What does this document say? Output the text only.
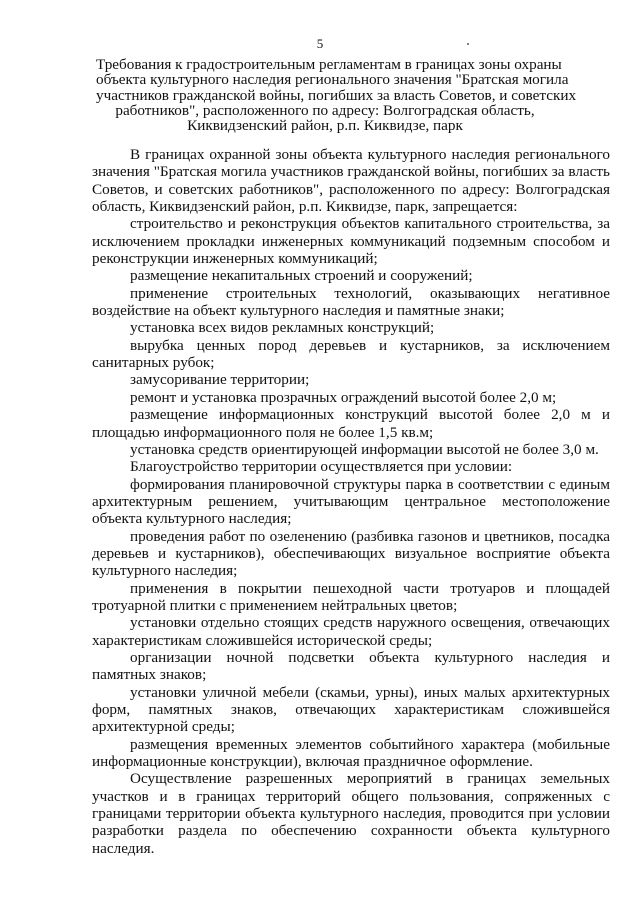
5
Требования к градостроительным регламентам в границах зоны охраны
объекта культурного наследия регионального значения "Братская могила
участников гражданской войны, погибших за власть Советов, и советских
работников", расположенного по адресу: Волгоградская область,
Киквидзенский район, р.п. Киквидзе, парк

В границах охранной зоны объекта культурного наследия регионального значения "Братская могила участников гражданской войны, погибших за власть Советов, и советских работников", расположенного по адресу: Волгоградская область, Киквидзенский район, р.п. Киквидзе, парк, запрещается:

строительство и реконструкция объектов капитального строительства, за исключением прокладки инженерных коммуникаций подземным способом и реконструкции инженерных коммуникаций;

размещение некапитальных строений и сооружений;

применение строительных технологий, оказывающих негативное воздействие на объект культурного наследия и памятные знаки;

установка всех видов рекламных конструкций;

вырубка ценных пород деревьев и кустарников, за исключением санитарных рубок;

замусоривание территории;

ремонт и установка прозрачных ограждений высотой более 2,0 м;

размещение информационных конструкций высотой более 2,0 м и площадью информационного поля не более 1,5 кв.м;

установка средств ориентирующей информации высотой не более 3,0 м.

Благоустройство территории осуществляется при условии:

формирования планировочной структуры парка в соответствии с единым архитектурным решением, учитывающим центральное местоположение объекта культурного наследия;

проведения работ по озеленению (разбивка газонов и цветников, посадка деревьев и кустарников), обеспечивающих визуальное восприятие объекта культурного наследия;

применения в покрытии пешеходной части тротуаров и площадей тротуарной плитки с применением нейтральных цветов;

установки отдельно стоящих средств наружного освещения, отвечающих характеристикам сложившейся исторической среды;

организации ночной подсветки объекта культурного наследия и памятных знаков;

установки уличной мебели (скамьи, урны), иных малых архитектурных форм, памятных знаков, отвечающих характеристикам сложившейся архитектурной среды;

размещения временных элементов событийного характера (мобильные информационные конструкции), включая праздничное оформление.

Осуществление разрешенных мероприятий в границах земельных участков и в границах территорий общего пользования, сопряженных с границами территории объекта культурного наследия, проводится при условии разработки раздела по обеспечению сохранности объекта культурного наследия.
